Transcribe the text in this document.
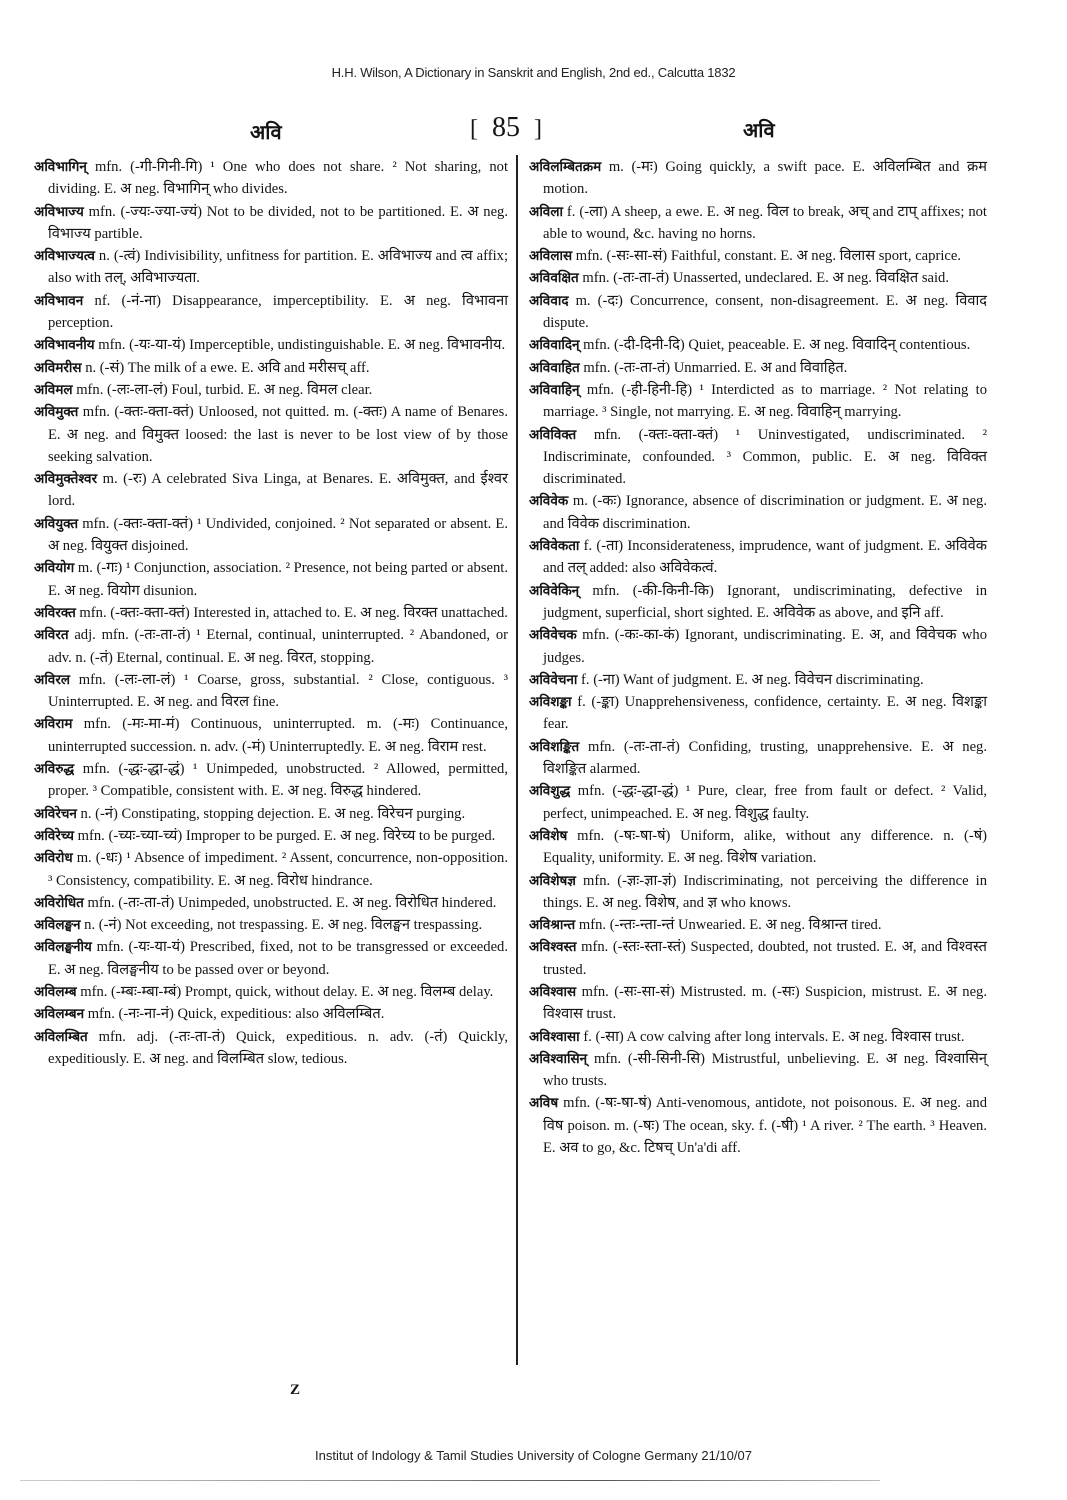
H.H. Wilson, A Dictionary in Sanskrit and English, 2nd ed., Calcutta 1832
अवि	[ 85 ]	अवि

अविभागिन् mfn. (-गी-गिनी-गि) ¹ One who does not share. ² Not sharing, not dividing. E. अ neg. विभागिन् who divides.

अविभाज्य mfn. (-ज्यः-ज्या-ज्यं) Not to be divided, not to be partitioned. E. अ neg. विभाज्य partible.

अविभाज्यत्व n. (-त्वं) Indivisibility, unfitness for partition. E. अविभाज्य and त्व affix; also with तल्, अविभाज्यता.

अविभावन nf. (-नं-ना) Disappearance, imperceptibility. E. अ neg. विभावना perception.

अविभावनीय mfn. (-यः-या-यं) Imperceptible, undistinguishable. E. अ neg. विभावनीय.

अविमरीस n. (-सं) The milk of a ewe. E. अवि and मरीसच् aff.

अविमल mfn. (-लः-ला-लं) Foul, turbid. E. अ neg. विमल clear.

अविमुक्त mfn. (-क्तः-क्ता-क्तं) Unloosed, not quitted. m. (-क्तः) A name of Benares. E. अ neg. and विमुक्त loosed: the last is never to be lost view of by those seeking salvation.

अविमुक्तेश्वर m. (-रः) A celebrated Siva Linga, at Benares. E. अविमुक्त, and ईश्वर lord.

अवियुक्त mfn. (-क्तः-क्ता-क्तं) ¹ Undivided, conjoined. ² Not separated or absent. E. अ neg. वियुक्त disjoined.

अवियोग m. (-गः) ¹ Conjunction, association. ² Presence, not being parted or absent. E. अ neg. वियोग disunion.

अविरक्त mfn. (-क्तः-क्ता-क्तं) Interested in, attached to. E. अ neg. विरक्त unattached.

अविरत adj. mfn. (-तः-ता-तं) ¹ Eternal, continual, uninterrupted. ² Abandoned, or adv. n. (-तं) Eternal, continual. E. अ neg. विरत, stopping.

अविरल mfn. (-लः-ला-लं) ¹ Coarse, gross, substantial. ² Close, contiguous. ³ Uninterrupted. E. अ neg. and विरल fine.

अविराम mfn. (-मः-मा-मं) Continuous, uninterrupted. m. (-मः) Continuance, uninterrupted succession. n. adv. (-मं) Uninterruptedly. E. अ neg. विराम rest.

अविरुद्ध mfn. (-द्धः-द्धा-द्धं) ¹ Unimpeded, unobstructed. ² Allowed, permitted, proper. ³ Compatible, consistent with. E. अ neg. विरुद्ध hindered.

अविरेचन n. (-नं) Constipating, stopping dejection. E. अ neg. विरेचन purging.

अविरेच्य mfn. (-च्यः-च्या-च्यं) Improper to be purged. E. अ neg. विरेच्य to be purged.

अविरोध m. (-धः) ¹ Absence of impediment. ² Assent, concurrence, non-opposition. ³ Consistency, compatibility. E. अ neg. विरोध hindrance.

अविरोधित mfn. (-तः-ता-तं) Unimpeded, unobstructed. E. अ neg. विरोधित hindered.

अविलङ्घन n. (-नं) Not exceeding, not trespassing. E. अ neg. विलङ्घन trespassing.

अविलङ्घनीय mfn. (-यः-या-यं) Prescribed, fixed, not to be transgressed or exceeded. E. अ neg. विलङ्घनीय to be passed over or beyond.

अविलम्ब mfn. (-म्बः-म्बा-म्बं) Prompt, quick, without delay. E. अ neg. विलम्ब delay.

अविलम्बन mfn. (-नः-ना-नं) Quick, expeditious: also अविलम्बित.

अविलम्बित mfn. adj. (-तः-ता-तं) Quick, expeditious. n. adv. (-तं) Quickly, expeditiously. E. अ neg. and विलम्बित slow, tedious.

अविलम्बितक्रम m. (-मः) Going quickly, a swift pace. E. अविलम्बित and क्रम motion.

अविला f. (-ला) A sheep, a ewe. E. अ neg. विल to break, अच् and टाप् affixes; not able to wound, &c. having no horns.

अविलास mfn. (-सः-सा-सं) Faithful, constant. E. अ neg. विलास sport, caprice.

अविवक्षित mfn. (-तः-ता-तं) Unasserted, undeclared. E. अ neg. विवक्षित said.

अविवाद m. (-दः) Concurrence, consent, non-disagreement. E. अ neg. विवाद dispute.

अविवादिन् mfn. (-दी-दिनी-दि) Quiet, peaceable. E. अ neg. विवादिन् contentious.

अविवाहित mfn. (-तः-ता-तं) Unmarried. E. अ and विवाहित.

अविवाहिन् mfn. (-ही-हिनी-हि) ¹ Interdicted as to marriage. ² Not relating to marriage. ³ Single, not marrying. E. अ neg. विवाहिन् marrying.

अविविक्त mfn. (-क्तः-क्ता-क्तं) ¹ Uninvestigated, undiscriminated. ² Indiscriminate, confounded. ³ Common, public. E. अ neg. विविक्त discriminated.

अविवेक m. (-कः) Ignorance, absence of discrimination or judgment. E. अ neg. and विवेक discrimination.

अविवेकता f. (-ता) Inconsiderateness, imprudence, want of judgment. E. अविवेक and तल् added: also अविवेकत्वं.

अविवेकिन् mfn. (-की-किनी-कि) Ignorant, undiscriminating, defective in judgment, superficial, short sighted. E. अविवेक as above, and इनि aff.

अविवेचक mfn. (-कः-का-कं) Ignorant, undiscriminating. E. अ, and विवेचक who judges.

अविवेचना f. (-ना) Want of judgment. E. अ neg. विवेचन discriminating.

अविशङ्का f. (-ङ्का) Unapprehensiveness, confidence, certainty. E. अ neg. विशङ्का fear.

अविशङ्कित mfn. (-तः-ता-तं) Confiding, trusting, unapprehensive. E. अ neg. विशङ्कित alarmed.

अविशुद्ध mfn. (-द्धः-द्धा-द्धं) ¹ Pure, clear, free from fault or defect. ² Valid, perfect, unimpeached. E. अ neg. विशुद्ध faulty.

अविशेष mfn. (-षः-षा-षं) Uniform, alike, without any difference. n. (-षं) Equality, uniformity. E. अ neg. विशेष variation.

अविशेषज्ञ mfn. (-ज्ञः-ज्ञा-ज्ञं) Indiscriminating, not perceiving the difference in things. E. अ neg. विशेष, and ज्ञ who knows.

अविश्रान्त mfn. (-न्तः-न्ता-न्तं Unwearied. E. अ neg. विश्रान्त tired.

अविश्वस्त mfn. (-स्तः-स्ता-स्तं) Suspected, doubted, not trusted. E. अ, and विश्वस्त trusted.

अविश्वास mfn. (-सः-सा-सं) Mistrusted. m. (-सः) Suspicion, mistrust. E. अ neg. विश्वास trust.

अविश्वासा f. (-सा) A cow calving after long intervals. E. अ neg. विश्वास trust.

अविश्वासिन् mfn. (-सी-सिनी-सि) Mistrustful, unbelieving. E. अ neg. विश्वासिन् who trusts.

अविष mfn. (-षः-षा-षं) Anti-venomous, antidote, not poisonous. E. अ neg. and विष poison. m. (-षः) The ocean, sky. f. (-षी) ¹ A river. ² The earth. ³ Heaven. E. अव to go, &c. टिषच् Un'a'di aff.

Z
Institut of Indology & Tamil Studies University of Cologne Germany 21/10/07
